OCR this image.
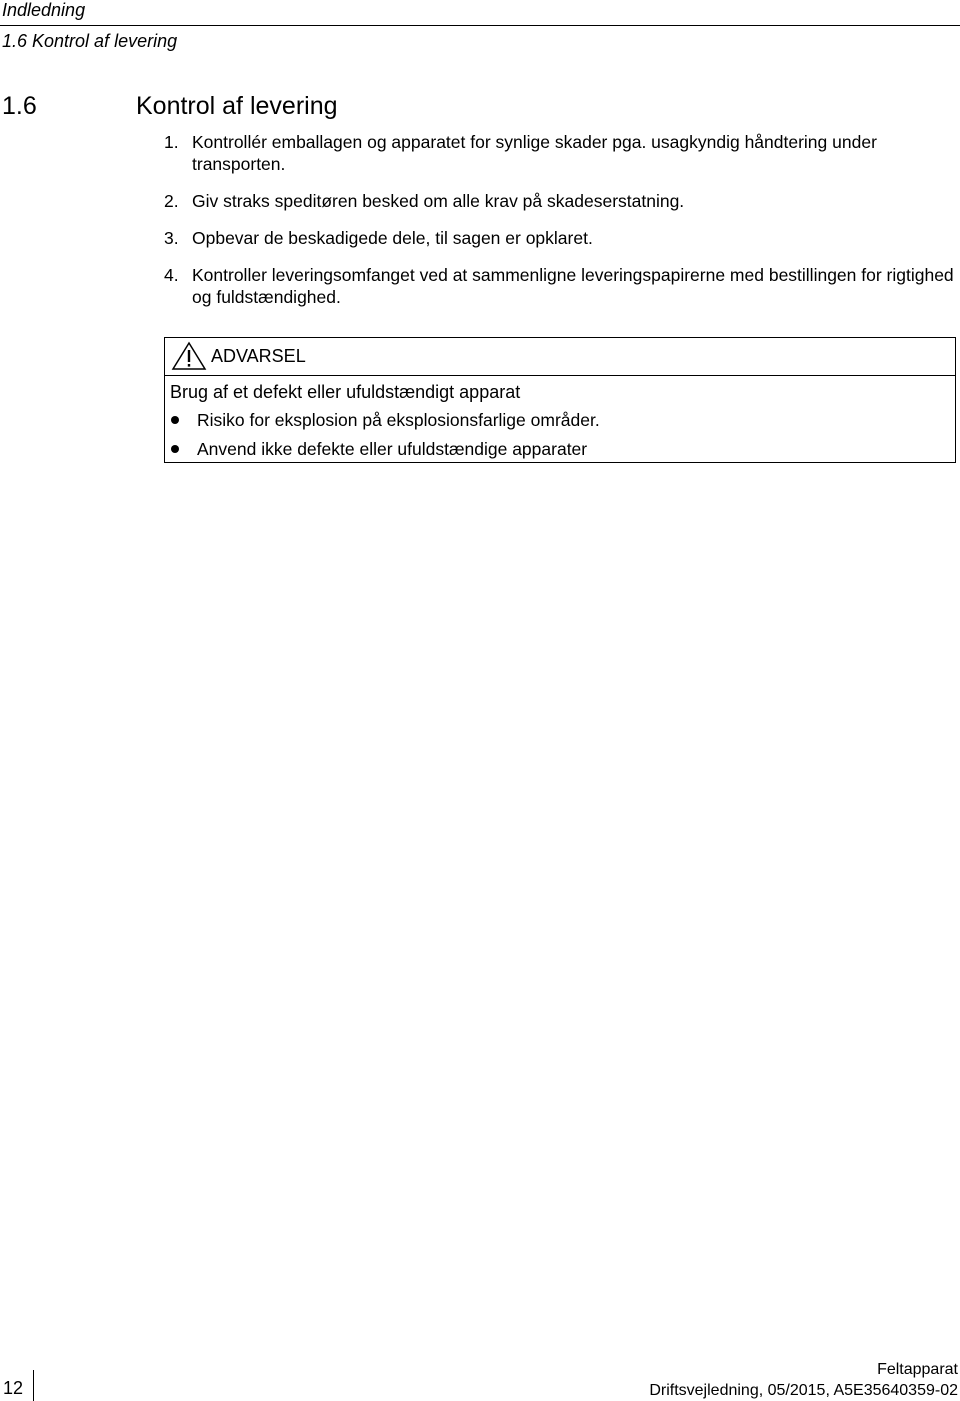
Indledning
1.6 Kontrol af levering
1.6	Kontrol af levering
1. Kontrollér emballagen og apparatet for synlige skader pga. usagkyndig håndtering under transporten.
2. Giv straks speditøren besked om alle krav på skadeserstatning.
3. Opbevar de beskadigede dele, til sagen er opklaret.
4. Kontroller leveringsomfanget ved at sammenligne leveringspapirerne med bestillingen for rigtighed og fuldstændighed.
ADVARSEL
Brug af et defekt eller ufuldstændigt apparat
Risiko for eksplosion på eksplosionsfarlige områder.
Anvend ikke defekte eller ufuldstændige apparater
12
Feltapparat
Driftsvejledning, 05/2015, A5E35640359-02
